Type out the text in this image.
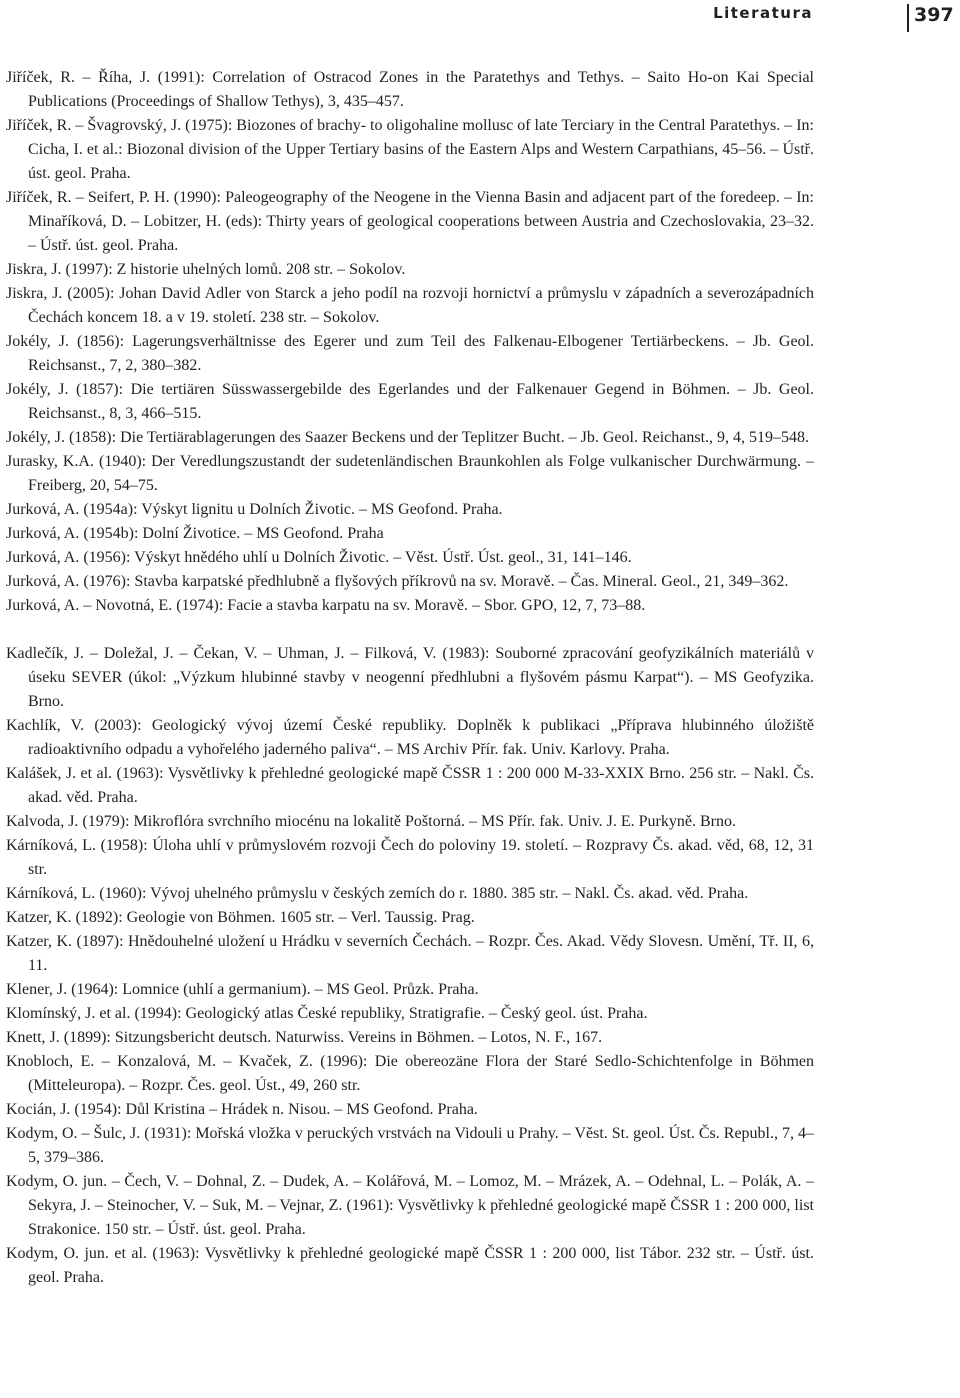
Literatura	397
Jiříček, R. – Říha, J. (1991): Correlation of Ostracod Zones in the Paratethys and Tethys. – Saito Ho-on Kai Special Publications (Proceedings of Shallow Tethys), 3, 435–457.
Jiříček, R. – Švagrovský, J. (1975): Biozones of brachy- to oligohaline mollusc of late Terciary in the Central Paratethys. – In: Cicha, I. et al.: Biozonal division of the Upper Tertiary basins of the Eastern Alps and Western Carpathians, 45–56. – Ústř. úst. geol. Praha.
Jiříček, R. – Seifert, P. H. (1990): Paleogeography of the Neogene in the Vienna Basin and adjacent part of the foredeep. – In: Minaříková, D. – Lobitzer, H. (eds): Thirty years of geological cooperations between Austria and Czechoslovakia, 23–32. – Ústř. úst. geol. Praha.
Jiskra, J. (1997): Z historie uhelných lomů. 208 str. – Sokolov.
Jiskra, J. (2005): Johan David Adler von Starck a jeho podíl na rozvoji hornictví a průmyslu v západních a severozápadních Čechách koncem 18. a v 19. století. 238 str. – Sokolov.
Jokély, J. (1856): Lagerungsverhältnisse des Egerer und zum Teil des Falkenau-Elbogener Tertiärbeckens. – Jb. Geol. Reichsanst., 7, 2, 380–382.
Jokély, J. (1857): Die tertiären Süsswassergebilde des Egerlandes und der Falkenauer Gegend in Böhmen. – Jb. Geol. Reichsanst., 8, 3, 466–515.
Jokély, J. (1858): Die Tertiärablagerungen des Saazer Beckens und der Teplitzer Bucht. – Jb. Geol. Reichanst., 9, 4, 519–548.
Jurasky, K.A. (1940): Der Veredlungszustandt der sudetenländischen Braunkohlen als Folge vulkanischer Durchwärmung. – Freiberg, 20, 54–75.
Jurková, A. (1954a): Výskyt lignitu u Dolních Životic. – MS Geofond. Praha.
Jurková, A. (1954b): Dolní Životice. – MS Geofond. Praha
Jurková, A. (1956): Výskyt hnědého uhlí u Dolních Životic. – Věst. Ústř. Úst. geol., 31, 141–146.
Jurková, A. (1976): Stavba karpatské předhlubně a flyšových příkrovů na sv. Moravě. – Čas. Mineral. Geol., 21, 349–362.
Jurková, A. – Novotná, E. (1974): Facie a stavba karpatu na sv. Moravě. – Sbor. GPO, 12, 7, 73–88.
Kadlečík, J. – Doležal, J. – Čekan, V. – Uhman, J. – Filková, V. (1983): Souborné zpracování geofyzikálních materiálů v úseku SEVER (úkol: „Výzkum hlubinné stavby v neogenní předhlubni a flyšovém pásmu Karpat“). – MS Geofyzika. Brno.
Kachlík, V. (2003): Geologický vývoj území České republiky. Doplněk k publikaci „Příprava hlubinného úložiště radioaktivního odpadu a vyhořelého jaderného paliva“. – MS Archiv Přír. fak. Univ. Karlovy. Praha.
Kalášek, J. et al. (1963): Vysvětlivky k přehledné geologické mapě ČSSR 1 : 200 000 M-33-XXIX Brno. 256 str. – Nakl. Čs. akad. věd. Praha.
Kalvoda, J. (1979): Mikroflóra svrchního miocénu na lokalitě Poštorná. – MS Přír. fak. Univ. J. E. Purkyně. Brno.
Kárníková, L. (1958): Úloha uhlí v průmyslovém rozvoji Čech do poloviny 19. století. – Rozpravy Čs. akad. věd, 68, 12, 31 str.
Kárníková, L. (1960): Vývoj uhelného průmyslu v českých zemích do r. 1880. 385 str. – Nakl. Čs. akad. věd. Praha.
Katzer, K. (1892): Geologie von Böhmen. 1605 str. – Verl. Taussig. Prag.
Katzer, K. (1897): Hnědouhelné uložení u Hrádku v severních Čechách. – Rozpr. Čes. Akad. Vědy Slovesn. Umění, Tř. II, 6, 11.
Klener, J. (1964): Lomnice (uhlí a germanium). – MS Geol. Průzk. Praha.
Klomínský, J. et al. (1994): Geologický atlas České republiky, Stratigrafie. – Český geol. úst. Praha.
Knett, J. (1899): Sitzungsbericht deutsch. Naturwiss. Vereins in Böhmen. – Lotos, N. F., 167.
Knobloch, E. – Konzalová, M. – Kvaček, Z. (1996): Die obereozäne Flora der Staré Sedlo-Schichtenfolge in Böhmen (Mitteleuropa). – Rozpr. Čes. geol. Úst., 49, 260 str.
Kocián, J. (1954): Důl Kristina – Hrádek n. Nisou. – MS Geofond. Praha.
Kodym, O. – Šulc, J. (1931): Mořská vložka v peruckých vrstvách na Vidouli u Prahy. – Věst. St. geol. Úst. Čs. Republ., 7, 4–5, 379–386.
Kodym, O. jun. – Čech, V. – Dohnal, Z. – Dudek, A. – Kolářová, M. – Lomoz, M. – Mrázek, A. – Odehnal, L. – Polák, A. – Sekyra, J. – Steinocher, V. – Suk, M. – Vejnar, Z. (1961): Vysvětlivky k přehledné geologické mapě ČSSR 1 : 200 000, list Strakonice. 150 str. – Ústř. úst. geol. Praha.
Kodym, O. jun. et al. (1963): Vysvětlivky k přehledné geologické mapě ČSSR 1 : 200 000, list Tábor. 232 str. – Ústř. úst. geol. Praha.
